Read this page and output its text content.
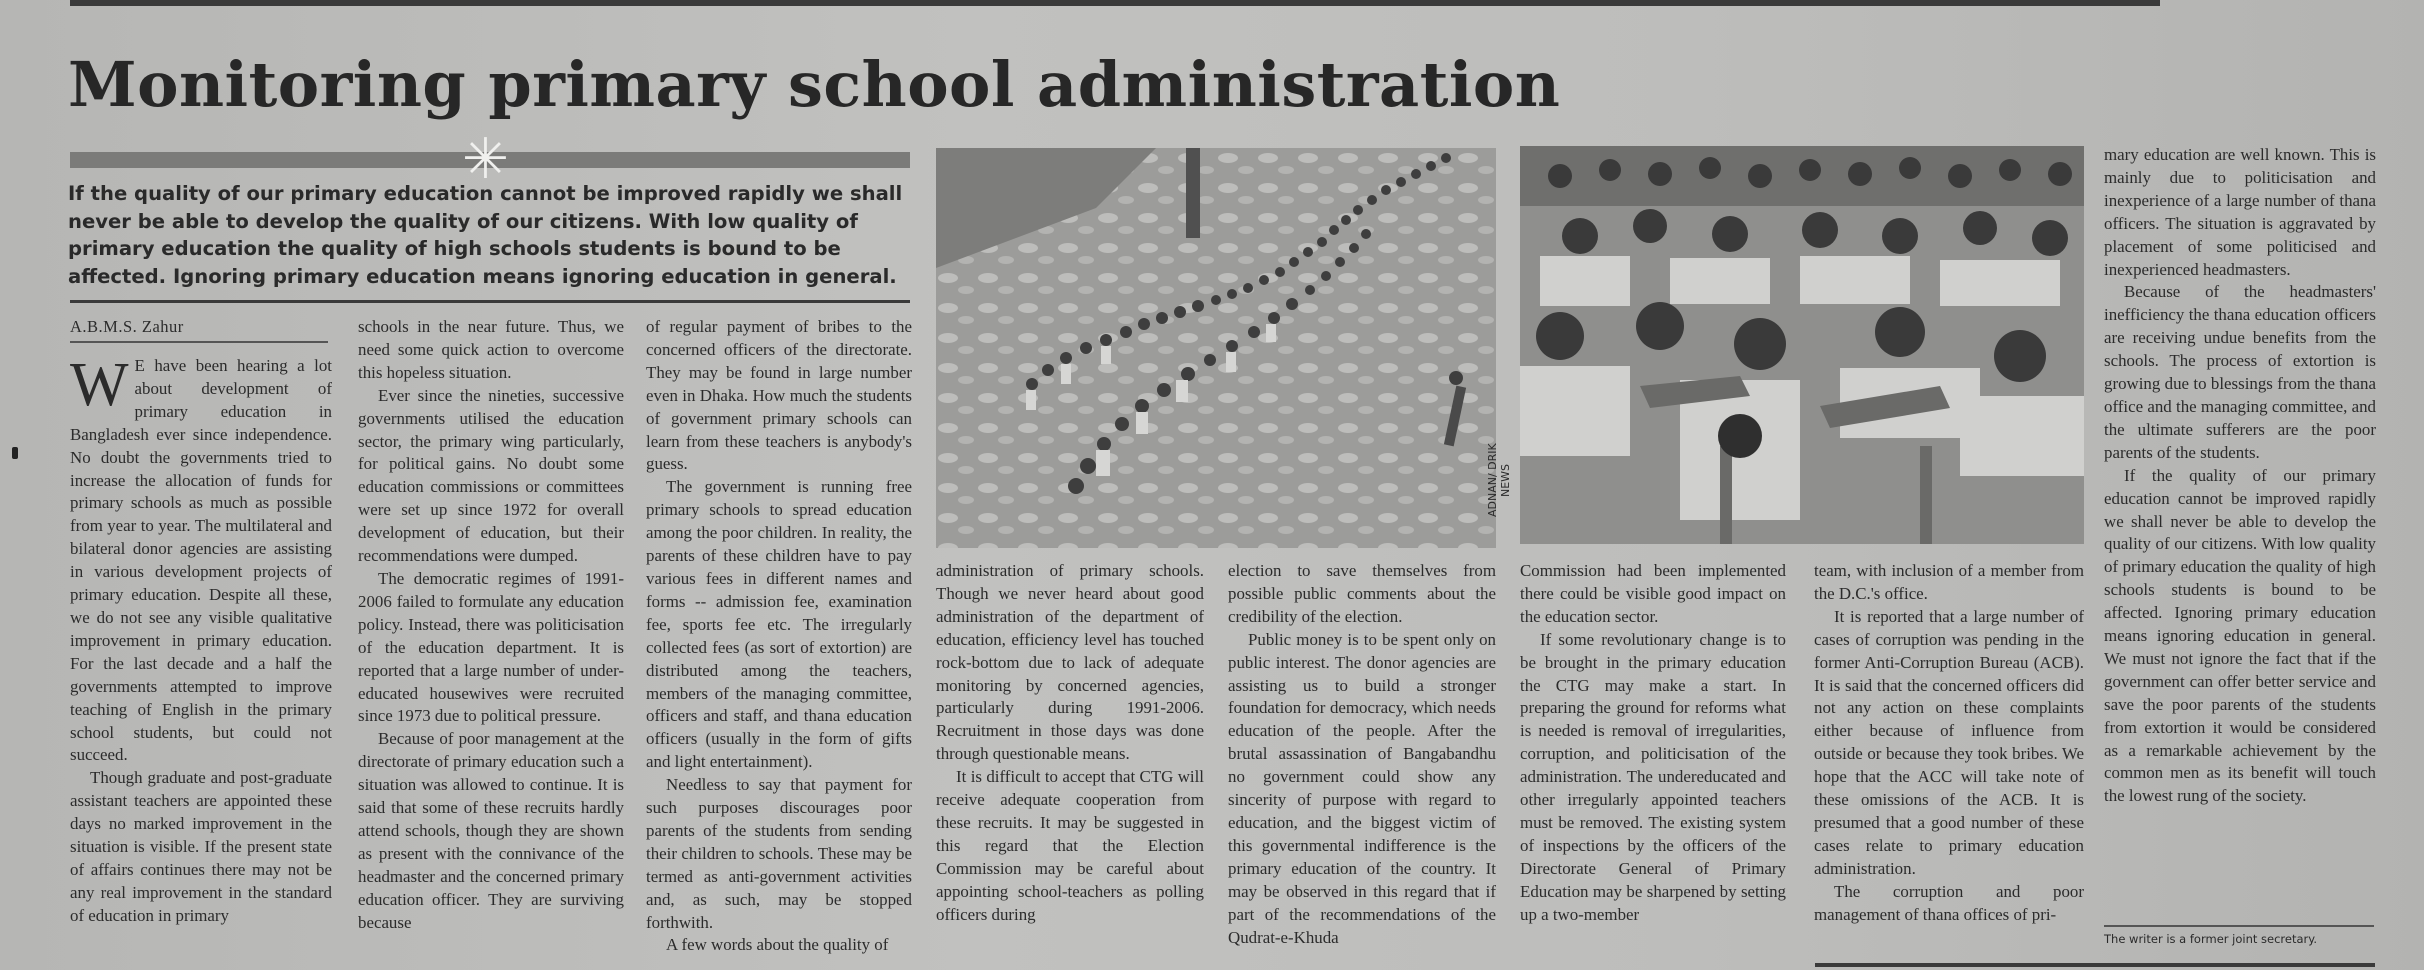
Monitoring primary school administration
✳
If the quality of our primary education cannot be improved rapidly we shall never be able to develop the quality of our citizens. With low quality of primary education the quality of high schools students is bound to be affected. Ignoring primary education means ignoring education in general.
A.B.M.S. Zahur

W E have been hearing a lot about development of primary education in Bangladesh ever since independence. No doubt the governments tried to increase the allocation of funds for primary schools as much as possible from year to year. The multilateral and bilateral donor agencies are assisting in various development projects of primary education. Despite all these, we do not see any visible qualitative improvement in primary education. For the last decade and a half the governments attempted to improve teaching of English in the primary school students, but could not succeed.

Though graduate and post-graduate assistant teachers are appointed these days no marked improvement in the situation is visible. If the present state of affairs continues there may not be any real improvement in the standard of education in primary

schools in the near future. Thus, we need some quick action to overcome this hopeless situation.

Ever since the nineties, successive governments utilised the education sector, the primary wing particularly, for political gains. No doubt some education commissions or committees were set up since 1972 for overall development of education, but their recommendations were dumped.

The democratic regimes of 1991-2006 failed to formulate any education policy. Instead, there was politicisation of the education department. It is reported that a large number of under-educated housewives were recruited since 1973 due to political pressure.

Because of poor management at the directorate of primary education such a situation was allowed to continue. It is said that some of these recruits hardly attend schools, though they are shown as present with the connivance of the headmaster and the concerned primary education officer. They are surviving because

of regular payment of bribes to the concerned officers of the directorate. They may be found in large number even in Dhaka. How much the students of government primary schools can learn from these teachers is anybody's guess.

The government is running free primary schools to spread education among the poor children. In reality, the parents of these children have to pay various fees in different names and forms -- admission fee, examination fee, sports fee etc. The irregularly collected fees (as sort of extortion) are distributed among the teachers, members of the managing committee, officers and staff, and thana education officers (usually in the form of gifts and light entertainment).

Needless to say that payment for such purposes discourages poor parents of the students from sending their children to schools. These may be termed as anti-government activities and, as such, may be stopped forthwith.

A few words about the quality of

ADNAN/ DRIK NEWS

administration of primary schools. Though we never heard about good administration of the department of education, efficiency level has touched rock-bottom due to lack of adequate monitoring by concerned agencies, particularly during 1991-2006. Recruitment in those days was done through questionable means.

It is difficult to accept that CTG will receive adequate cooperation from these recruits. It may be suggested in this regard that the Election Commission may be careful about appointing school-teachers as polling officers during

election to save themselves from possible public comments about the credibility of the election.

Public money is to be spent only on public interest. The donor agencies are assisting us to build a stronger foundation for democracy, which needs education of the people. After the brutal assassination of Bangabandhu no government could show any sincerity of purpose with regard to education, and the biggest victim of this governmental indifference is the primary education of the country. It may be observed in this regard that if part of the recommendations of the Qudrat-e-Khuda

Commission had been implemented there could be visible good impact on the education sector.

If some revolutionary change is to be brought in the primary education the CTG may make a start. In preparing the ground for reforms what is needed is removal of irregularities, corruption, and politicisation of the administration. The undereducated and other irregularly appointed teachers must be removed. The existing system of inspections by the officers of the Directorate General of Primary Education may be sharpened by setting up a two-member

team, with inclusion of a member from the D.C.'s office.

It is reported that a large number of cases of corruption was pending in the former Anti-Corruption Bureau (ACB). It is said that the concerned officers did not any action on these complaints either because of influence from outside or because they took bribes. We hope that the ACC will take note of these omissions of the ACB. It is presumed that a good number of these cases relate to primary education administration.

The corruption and poor management of thana offices of pri-

mary education are well known. This is mainly due to politicisation and inexperience of a large number of thana officers. The situation is aggravated by placement of some politicised and inexperienced headmasters.

Because of the headmasters' inefficiency the thana education officers are receiving undue benefits from the schools. The process of extortion is growing due to blessings from the thana office and the managing committee, and the ultimate sufferers are the poor parents of the students.

If the quality of our primary education cannot be improved rapidly we shall never be able to develop the quality of our citizens. With low quality of primary education the quality of high schools students is bound to be affected. Ignoring primary education means ignoring education in general. We must not ignore the fact that if the government can offer better service and save the poor parents of the students from extortion it would be considered as a remarkable achievement by the common men as its benefit will touch the lowest rung of the society.

The writer is a former joint secretary.
